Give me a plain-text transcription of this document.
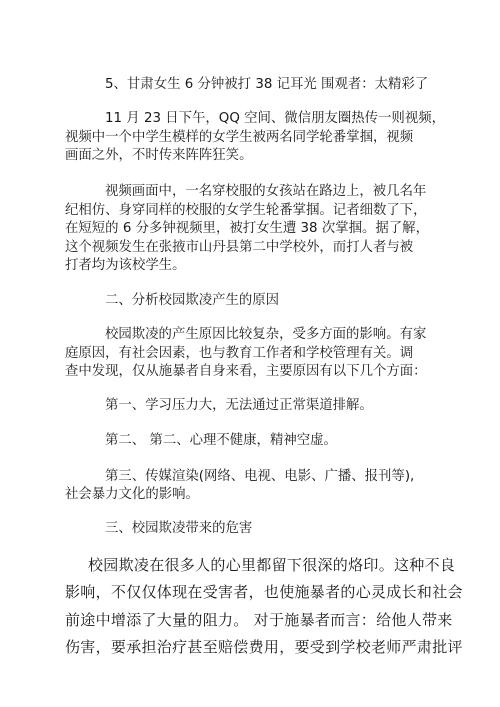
5、甘肃女生 6 分钟被打 38 记耳光 围观者：太精彩了
11 月 23 日下午，QQ 空间、微信朋友圈热传一则视频，
视频中一个中学生模样的女学生被两名同学轮番掌掴，视频
画面之外，不时传来阵阵狂笑。
视频画面中，一名穿校服的女孩站在路边上，被几名年
纪相仿、身穿同样的校服的女学生轮番掌掴。记者细数了下，
在短短的 6 分多钟视频里，被打女生遭 38 次掌掴。据了解，
这个视频发生在张掖市山丹县第二中学校外，而打人者与被
打者均为该校学生。
二、分析校园欺凌产生的原因
校园欺凌的产生原因比较复杂，受多方面的影响。有家
庭原因，有社会因素，也与教育工作者和学校管理有关。调
查中发现，仅从施暴者自身来看，主要原因有以下几个方面：
第一、学习压力大，无法通过正常渠道排解。
第二、 第二、心理不健康，精神空虚。
第三、传媒渲染(网络、电视、电影、广播、报刊等),
社会暴力文化的影响。
三、校园欺凌带来的危害
校园欺凌在很多人的心里都留下很深的烙印。这种不良
影响，不仅仅体现在受害者，也使施暴者的心灵成长和社会
前途中增添了大量的阻力。 对于施暴者而言：给他人带来
伤害，要承担治疗甚至赔偿费用，要受到学校老师严肃批评
